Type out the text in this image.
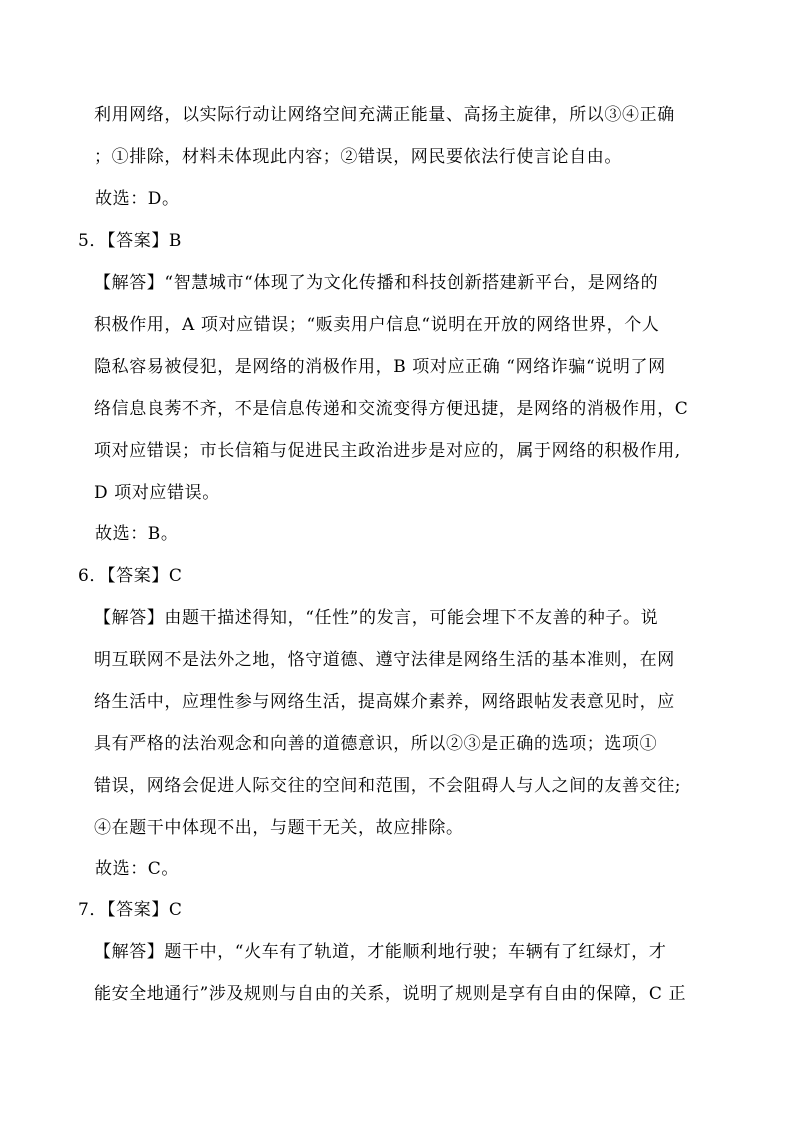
利用网络，以实际行动让网络空间充满正能量、高扬主旋律，所以③④正确
；①排除，材料未体现此内容；②错误，网民要依法行使言论自由。
故选：D。
5．【答案】B
【解答】“智慧城市“体现了为文化传播和科技创新搭建新平台，是网络的
积极作用，A 项对应错误；“贩卖用户信息“说明在开放的网络世界，个人
隐私容易被侵犯，是网络的消极作用，B 项对应正确 “网络诈骗“说明了网
络信息良莠不齐，不是信息传递和交流变得方便迅捷，是网络的消极作用，C
项对应错误；市长信箱与促进民主政治进步是对应的，属于网络的积极作用,
D 项对应错误。
故选：B。
6．【答案】C
【解答】由题干描述得知，“任性”的发言，可能会埋下不友善的种子。说
明互联网不是法外之地，恪守道德、遵守法律是网络生活的基本准则，在网
络生活中，应理性参与网络生活，提高媒介素养，网络跟帖发表意见时，应
具有严格的法治观念和向善的道德意识，所以②③是正确的选项；选项①
错误，网络会促进人际交往的空间和范围，不会阻碍人与人之间的友善交往;
④在题干中体现不出，与题干无关，故应排除。
故选：C。
7．【答案】C
【解答】题干中，“火车有了轨道，才能顺利地行驶；车辆有了红绿灯，才
能安全地通行”涉及规则与自由的关系，说明了规则是享有自由的保障，C 正
